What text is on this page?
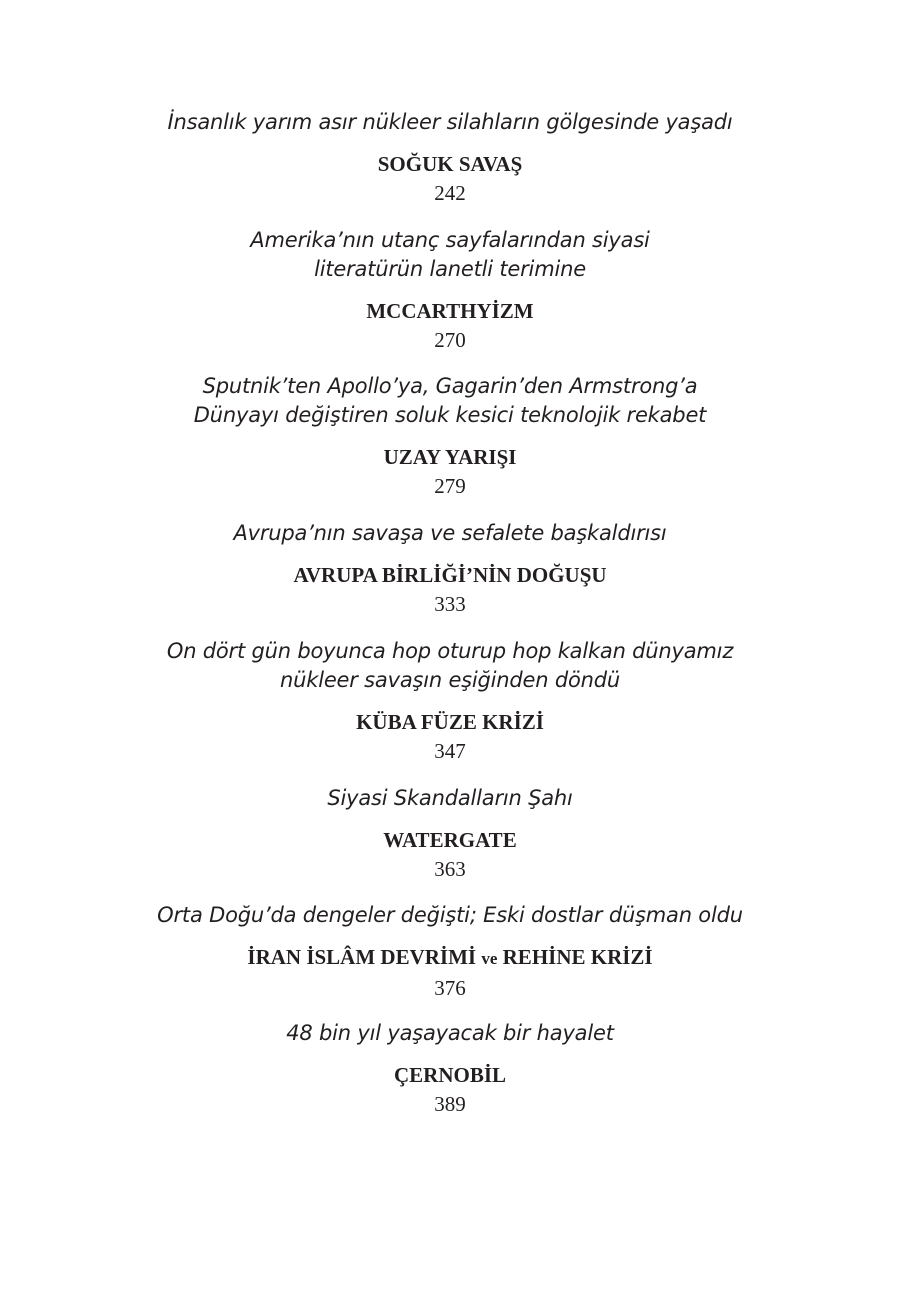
İnsanlık yarım asır nükleer silahların gölgesinde yaşadı

SOĞUK SAVAŞ

242

Amerika’nın utanç sayfalarından siyasi
literatürün lanetli terimine

MCCARTHYİZM

270

Sputnik’ten Apollo’ya, Gagarin’den Armstrong’a
Dünyayı değiştiren soluk kesici teknolojik rekabet

UZAY YARIŞI

279

Avrupa’nın savaşa ve sefalete başkaldırısı

AVRUPA BİRLİĞİ’NİN DOĞUŞU

333

On dört gün boyunca hop oturup hop kalkan dünyamız
nükleer savaşın eşiğinden döndü

KÜBA FÜZE KRİZİ

347

Siyasi Skandalların Şahı

WATERGATE

363

Orta Doğu’da dengeler değişti; Eski dostlar düşman oldu

İRAN İSLÂM DEVRİMİ ve REHİNE KRİZİ

376

48 bin yıl yaşayacak bir hayalet

ÇERNOBİL

389
